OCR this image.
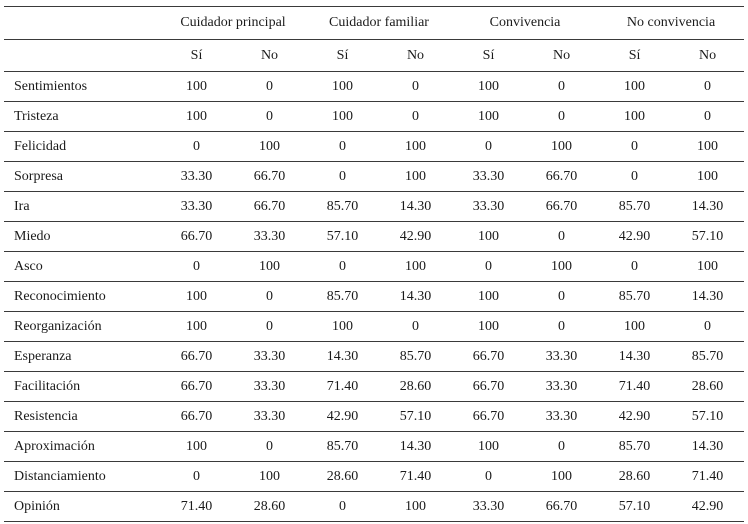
	Cuidador principal		Cuidador familiar		Convivencia		No convivencia	
	Sí	No	Sí	No	Sí	No	Sí	No
Sentimientos	100	0	100	0	100	0	100	0
Tristeza	100	0	100	0	100	0	100	0
Felicidad	0	100	0	100	0	100	0	100
Sorpresa	33.30	66.70	0	100	33.30	66.70	0	100
Ira	33.30	66.70	85.70	14.30	33.30	66.70	85.70	14.30
Miedo	66.70	33.30	57.10	42.90	100	0	42.90	57.10
Asco	0	100	0	100	0	100	0	100
Reconocimiento	100	0	85.70	14.30	100	0	85.70	14.30
Reorganización	100	0	100	0	100	0	100	0
Esperanza	66.70	33.30	14.30	85.70	66.70	33.30	14.30	85.70
Facilitación	66.70	33.30	71.40	28.60	66.70	33.30	71.40	28.60
Resistencia	66.70	33.30	42.90	57.10	66.70	33.30	42.90	57.10
Aproximación	100	0	85.70	14.30	100	0	85.70	14.30
Distanciamiento	0	100	28.60	71.40	0	100	28.60	71.40
Opinión	71.40	28.60	0	100	33.30	66.70	57.10	42.90
